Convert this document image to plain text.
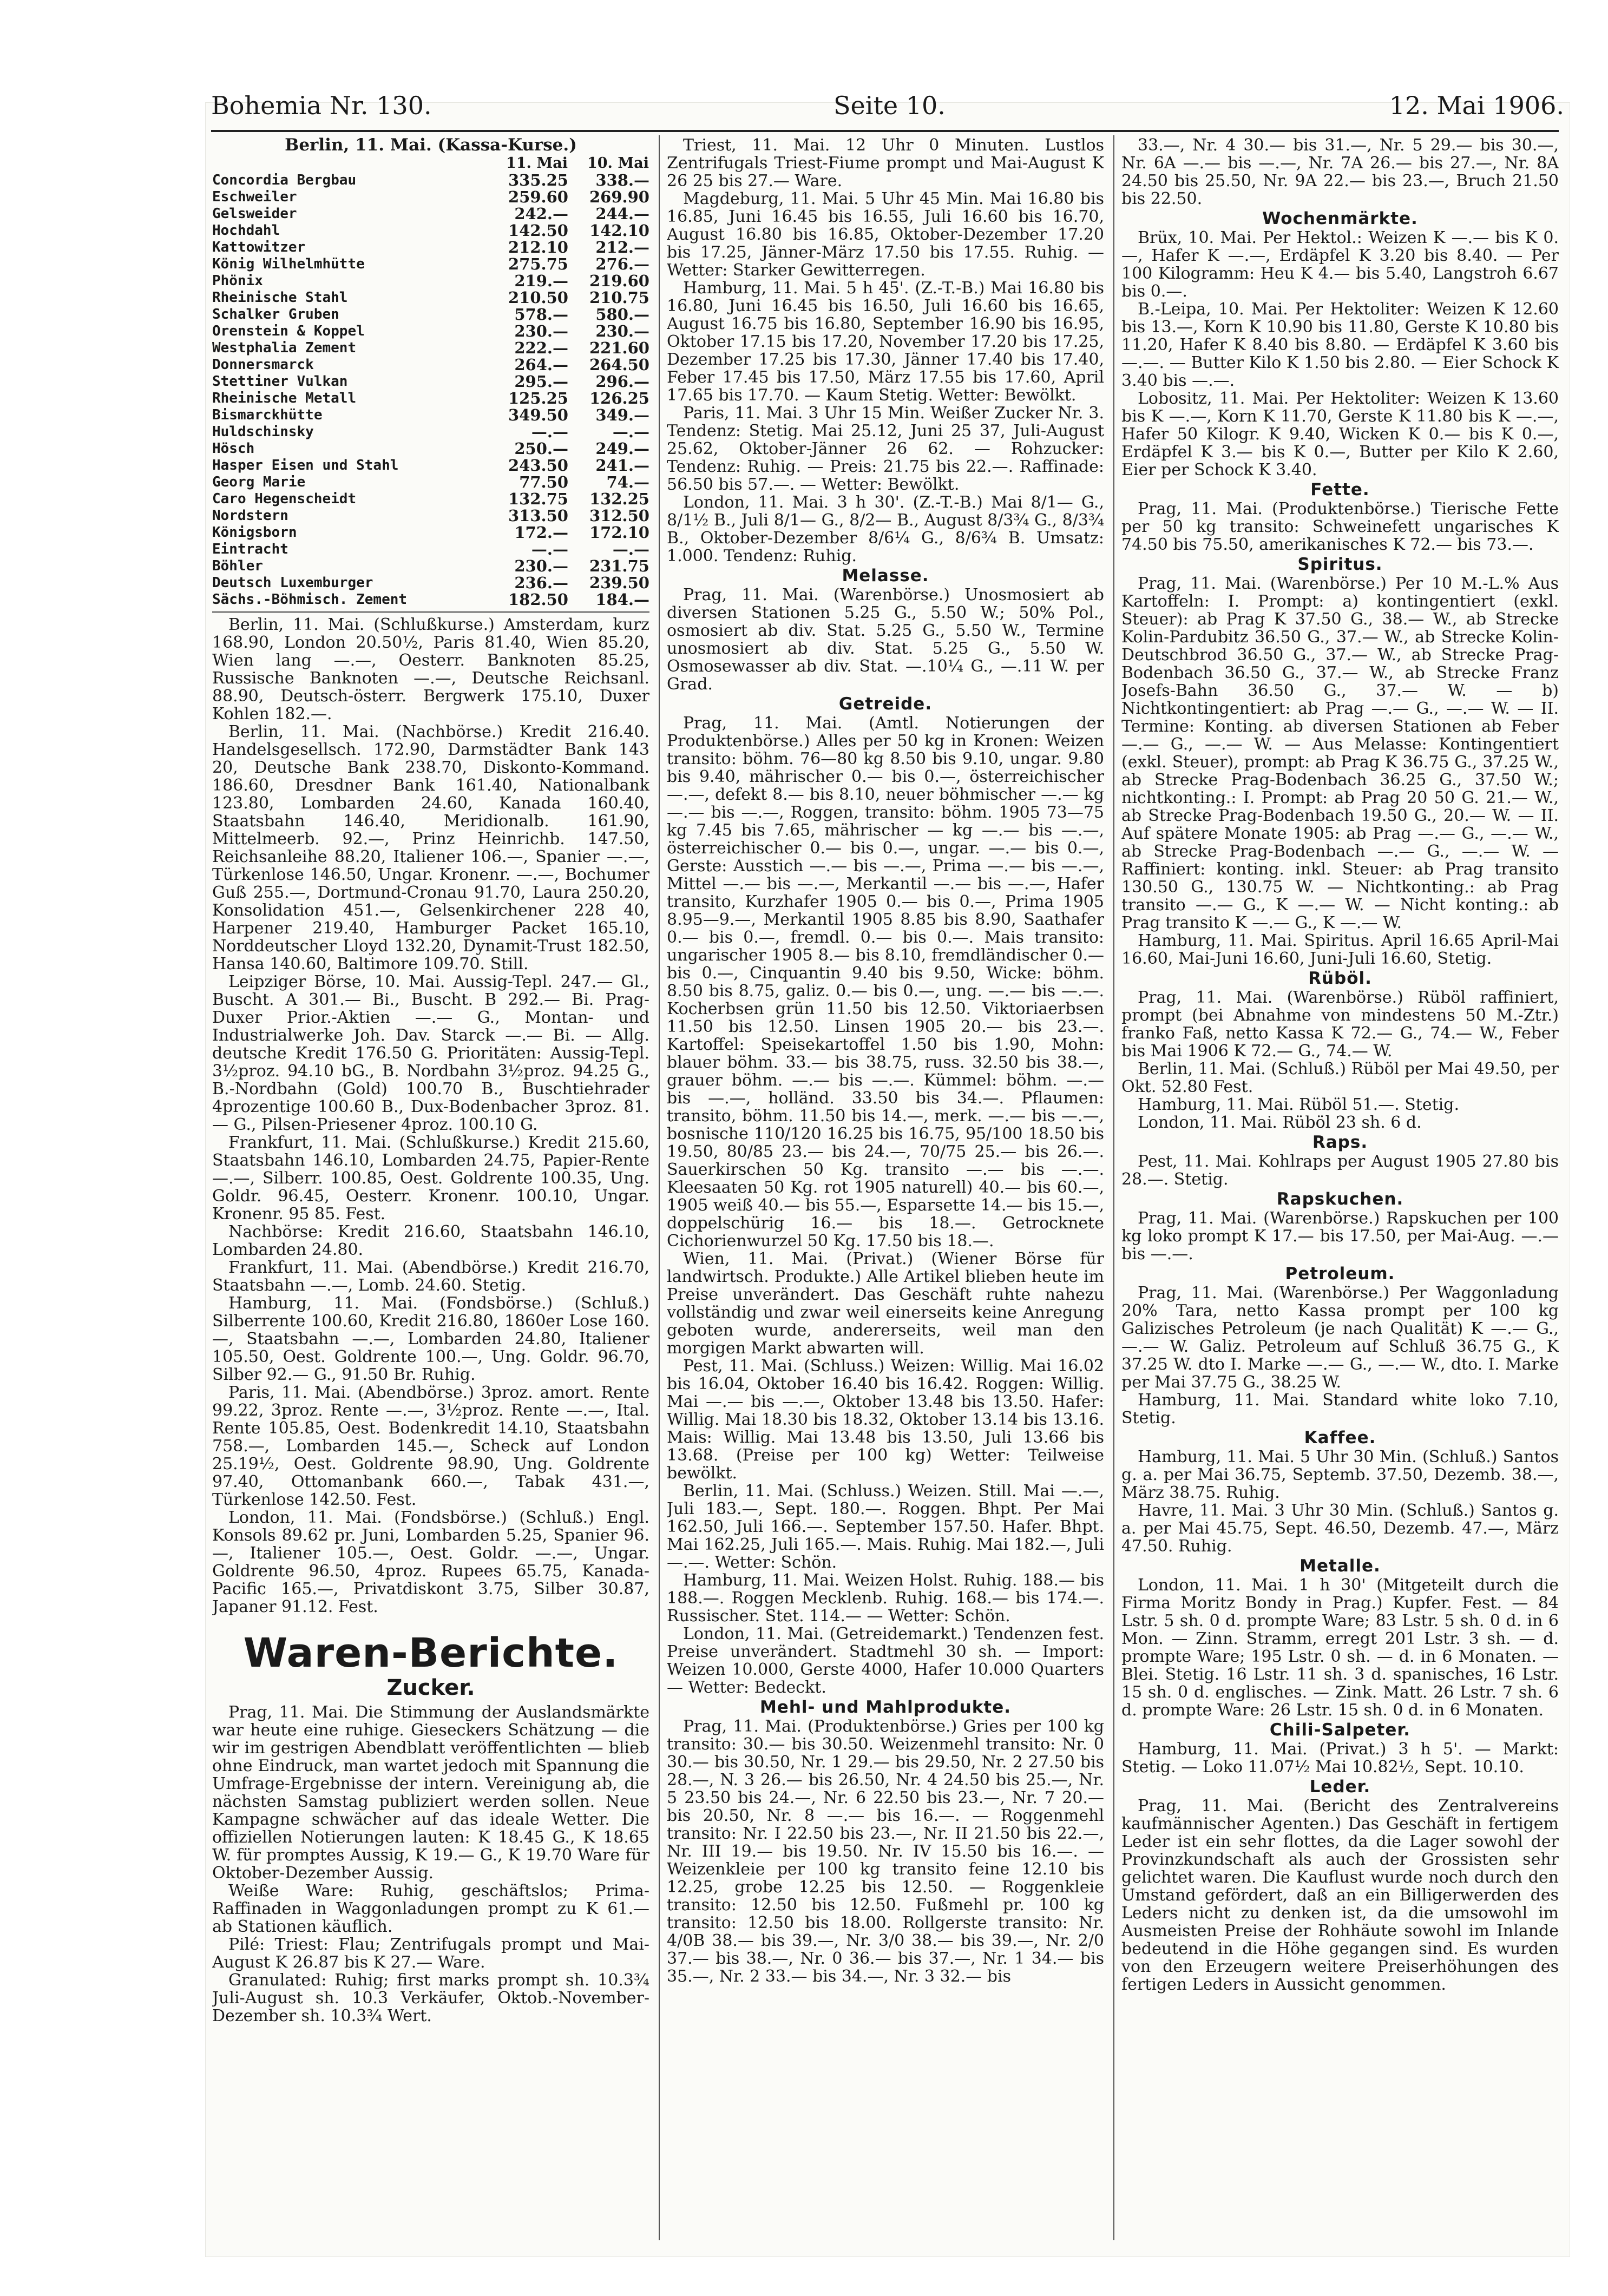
Bohemia Nr. 130.	Seite 10.	12. Mai 1906.
Berlin, 11. Mai. (Kassa-Kurse.)
	11. Mai	10. Mai
Concordia Bergbau	335.25	338.—
Eschweiler	259.60	269.90
Gelsweider	242.—	244.—
Hochdahl	142.50	142.10
Kattowitzer	212.10	212.—
König Wilhelmhütte	275.75	276.—
Phönix	219.—	219.60
Rheinische Stahl	210.50	210.75
Schalker Gruben	578.—	580.—
Orenstein & Koppel	230.—	230.—
Westphalia Zement	222.—	221.60
Donnersmarck	264.—	264.50
Stettiner Vulkan	295.—	296.—
Rheinische Metall	125.25	126.25
Bismarckhütte	349.50	349.—
Huldschinsky	—.—	—.—
Hösch	250.—	249.—
Hasper Eisen und Stahl	243.50	241.—
Georg Marie	77.50	74.—
Caro Hegenscheidt	132.75	132.25
Nordstern	313.50	312.50
Königsborn	172.—	172.10
Eintracht	—.—	—.—
Böhler	230.—	231.75
Deutsch Luxemburger	236.—	239.50
Sächs.-Böhmisch. Zement	182.50	184.—

Berlin, 11. Mai. (Schlußkurse.) Amsterdam, kurz 168.90, London 20.50½, Paris 81.40, Wien 85.20, Wien lang —.—, Oesterr. Banknoten 85.25, Russische Banknoten —.—, Deutsche Reichsanl. 88.90, Deutsch-österr. Bergwerk 175.10, Duxer Kohlen 182.—.

Berlin, 11. Mai. (Nachbörse.) Kredit 216.40. Handelsgesellsch. 172.90, Darmstädter Bank 143 20, Deutsche Bank 238.70, Diskonto-Kommand. 186.60, Dresdner Bank 161.40, Nationalbank 123.80, Lombarden 24.60, Kanada 160.40, Staatsbahn 146.40, Meridionalb. 161.90, Mittelmeerb. 92.—, Prinz Heinrichb. 147.50, Reichsanleihe 88.20, Italiener 106.—, Spanier —.—, Türkenlose 146.50, Ungar. Kronenr. —.—, Bochumer Guß 255.—, Dortmund-Cronau 91.70, Laura 250.20, Konsolidation 451.—, Gelsenkirchener 228 40, Harpener 219.40, Hamburger Packet 165.10, Norddeutscher Lloyd 132.20, Dynamit-Trust 182.50, Hansa 140.60, Baltimore 109.70. Still.

Leipziger Börse, 10. Mai. Aussig-Tepl. 247.— Gl., Buscht. A 301.— Bi., Buscht. B 292.— Bi. Prag-Duxer Prior.-Aktien —.— G., Montan- und Industrialwerke Joh. Dav. Starck —.— Bi. — Allg. deutsche Kredit 176.50 G. Prioritäten: Aussig-Tepl. 3½proz. 94.10 bG., B. Nordbahn 3½proz. 94.25 G., B.-Nordbahn (Gold) 100.70 B., Buschtiehrader 4prozentige 100.60 B., Dux-Bodenbacher 3proz. 81.— G., Pilsen-Priesener 4proz. 100.10 G.

Frankfurt, 11. Mai. (Schlußkurse.) Kredit 215.60, Staatsbahn 146.10, Lombarden 24.75, Papier-Rente —.—, Silberr. 100.85, Oest. Goldrente 100.35, Ung. Goldr. 96.45, Oesterr. Kronenr. 100.10, Ungar. Kronenr. 95 85. Fest.

Nachbörse: Kredit 216.60, Staatsbahn 146.10, Lombarden 24.80.

Frankfurt, 11. Mai. (Abendbörse.) Kredit 216.70, Staatsbahn —.—, Lomb. 24.60. Stetig.

Hamburg, 11. Mai. (Fondsbörse.) (Schluß.) Silberrente 100.60, Kredit 216.80, 1860er Lose 160.—, Staatsbahn —.—, Lombarden 24.80, Italiener 105.50, Oest. Goldrente 100.—, Ung. Goldr. 96.70, Silber 92.— G., 91.50 Br. Ruhig.

Paris, 11. Mai. (Abendbörse.) 3proz. amort. Rente 99.22, 3proz. Rente —.—, 3½proz. Rente —.—, Ital. Rente 105.85, Oest. Bodenkredit 14.10, Staatsbahn 758.—, Lombarden 145.—, Scheck auf London 25.19½, Oest. Goldrente 98.90, Ung. Goldrente 97.40, Ottomanbank 660.—, Tabak 431.—, Türkenlose 142.50. Fest.

London, 11. Mai. (Fondsbörse.) (Schluß.) Engl. Konsols 89.62 pr. Juni, Lombarden 5.25, Spanier 96.—, Italiener 105.—, Oest. Goldr. —.—, Ungar. Goldrente 96.50, 4proz. Rupees 65.75, Kanada-Pacific 165.—, Privatdiskont 3.75, Silber 30.87, Japaner 91.12. Fest.

Waren-Berichte.
Zucker.

Prag, 11. Mai. Die Stimmung der Auslandsmärkte war heute eine ruhige. Gieseckers Schätzung — die wir im gestrigen Abendblatt veröffentlichten — blieb ohne Eindruck, man wartet jedoch mit Spannung die Umfrage-Ergebnisse der intern. Vereinigung ab, die nächsten Samstag publiziert werden sollen. Neue Kampagne schwächer auf das ideale Wetter. Die offiziellen Notierungen lauten: K 18.45 G., K 18.65 W. für promptes Aussig, K 19.— G., K 19.70 Ware für Oktober-Dezember Aussig.

Weiße Ware: Ruhig, geschäftslos; Prima-Raffinaden in Waggonladungen prompt zu K 61.— ab Stationen käuflich.

Pilé: Triest: Flau; Zentrifugals prompt und Mai-August K 26.87 bis K 27.— Ware.

Granulated: Ruhig; first marks prompt sh. 10.3¾ Juli-August sh. 10.3 Verkäufer, Oktob.-November-Dezember sh. 10.3¾ Wert.

Triest, 11. Mai. 12 Uhr 0 Minuten. Lustlos Zentrifugals Triest-Fiume prompt und Mai-August K 26 25 bis 27.— Ware.

Magdeburg, 11. Mai. 5 Uhr 45 Min. Mai 16.80 bis 16.85, Juni 16.45 bis 16.55, Juli 16.60 bis 16.70, August 16.80 bis 16.85, Oktober-Dezember 17.20 bis 17.25, Jänner-März 17.50 bis 17.55. Ruhig. — Wetter: Starker Gewitterregen.

Hamburg, 11. Mai. 5 h 45'. (Z.-T.-B.) Mai 16.80 bis 16.80, Juni 16.45 bis 16.50, Juli 16.60 bis 16.65, August 16.75 bis 16.80, September 16.90 bis 16.95, Oktober 17.15 bis 17.20, November 17.20 bis 17.25, Dezember 17.25 bis 17.30, Jänner 17.40 bis 17.40, Feber 17.45 bis 17.50, März 17.55 bis 17.60, April 17.65 bis 17.70. — Kaum Stetig. Wetter: Bewölkt.

Paris, 11. Mai. 3 Uhr 15 Min. Weißer Zucker Nr. 3. Tendenz: Stetig. Mai 25.12, Juni 25 37, Juli-August 25.62, Oktober-Jänner 26 62. — Rohzucker: Tendenz: Ruhig. — Preis: 21.75 bis 22.—. Raffinade: 56.50 bis 57.—. — Wetter: Bewölkt.

London, 11. Mai. 3 h 30'. (Z.-T.-B.) Mai 8/1— G., 8/1½ B., Juli 8/1— G., 8/2— B., August 8/3¾ G., 8/3¾ B., Oktober-Dezember 8/6¼ G., 8/6¾ B. Umsatz: 1.000. Tendenz: Ruhig.

Melasse.

Prag, 11. Mai. (Warenbörse.) Unosmosiert ab diversen Stationen 5.25 G., 5.50 W.; 50% Pol., osmosiert ab div. Stat. 5.25 G., 5.50 W., Termine unosmosiert ab div. Stat. 5.25 G., 5.50 W. Osmosewasser ab div. Stat. —.10¼ G., —.11 W. per Grad.

Getreide.

Prag, 11. Mai. (Amtl. Notierungen der Produktenbörse.) Alles per 50 kg in Kronen: Weizen transito: böhm. 76—80 kg 8.50 bis 9.10, ungar. 9.80 bis 9.40, mährischer 0.— bis 0.—, österreichischer —.—, defekt 8.— bis 8.10, neuer böhmischer —.— kg —.— bis —.—, Roggen, transito: böhm. 1905 73—75 kg 7.45 bis 7.65, mährischer — kg —.— bis —.—, österreichischer 0.— bis 0.—, ungar. —.— bis 0.—, Gerste: Ausstich —.— bis —.—, Prima —.— bis —.—, Mittel —.— bis —.—, Merkantil —.— bis —.—, Hafer transito, Kurzhafer 1905 0.— bis 0.—, Prima 1905 8.95—9.—, Merkantil 1905 8.85 bis 8.90, Saathafer 0.— bis 0.—, fremdl. 0.— bis 0.—. Mais transito: ungarischer 1905 8.— bis 8.10, fremdländischer 0.— bis 0.—, Cinquantin 9.40 bis 9.50, Wicke: böhm. 8.50 bis 8.75, galiz. 0.— bis 0.—, ung. —.— bis —.—. Kocherbsen grün 11.50 bis 12.50. Viktoriaerbsen 11.50 bis 12.50. Linsen 1905 20.— bis 23.—. Kartoffel: Speisekartoffel 1.50 bis 1.90, Mohn: blauer böhm. 33.— bis 38.75, russ. 32.50 bis 38.—, grauer böhm. —.— bis —.—. Kümmel: böhm. —.— bis —.—, holländ. 33.50 bis 34.—. Pflaumen: transito, böhm. 11.50 bis 14.—, merk. —.— bis —.—, bosnische 110/120 16.25 bis 16.75, 95/100 18.50 bis 19.50, 80/85 23.— bis 24.—, 70/75 25.— bis 26.—. Sauerkirschen 50 Kg. transito —.— bis —.—. Kleesaaten 50 Kg. rot 1905 naturell) 40.— bis 60.—, 1905 weiß 40.— bis 55.—, Esparsette 14.— bis 15.—, doppelschürig 16.— bis 18.—. Getrocknete Cichorienwurzel 50 Kg. 17.50 bis 18.—.

Wien, 11. Mai. (Privat.) (Wiener Börse für landwirtsch. Produkte.) Alle Artikel blieben heute im Preise unverändert. Das Geschäft ruhte nahezu vollständig und zwar weil einerseits keine Anregung geboten wurde, andererseits, weil man den morgigen Markt abwarten will.

Pest, 11. Mai. (Schluss.) Weizen: Willig. Mai 16.02 bis 16.04, Oktober 16.40 bis 16.42. Roggen: Willig. Mai —.— bis —.—, Oktober 13.48 bis 13.50. Hafer: Willig. Mai 18.30 bis 18.32, Oktober 13.14 bis 13.16. Mais: Willig. Mai 13.48 bis 13.50, Juli 13.66 bis 13.68. (Preise per 100 kg) Wetter: Teilweise bewölkt.

Berlin, 11. Mai. (Schluss.) Weizen. Still. Mai —.—, Juli 183.—, Sept. 180.—. Roggen. Bhpt. Per Mai 162.50, Juli 166.—. September 157.50. Hafer. Bhpt. Mai 162.25, Juli 165.—. Mais. Ruhig. Mai 182.—, Juli —.—. Wetter: Schön.

Hamburg, 11. Mai. Weizen Holst. Ruhig. 188.— bis 188.—. Roggen Mecklenb. Ruhig. 168.— bis 174.—. Russischer. Stet. 114.— — Wetter: Schön.

London, 11. Mai. (Getreidemarkt.) Tendenzen fest. Preise unverändert. Stadtmehl 30 sh. — Import: Weizen 10.000, Gerste 4000, Hafer 10.000 Quarters — Wetter: Bedeckt.

Mehl- und Mahlprodukte.

Prag, 11. Mai. (Produktenbörse.) Gries per 100 kg transito: 30.— bis 30.50. Weizenmehl transito: Nr. 0 30.— bis 30.50, Nr. 1 29.— bis 29.50, Nr. 2 27.50 bis 28.—, N. 3 26.— bis 26.50, Nr. 4 24.50 bis 25.—, Nr. 5 23.50 bis 24.—, Nr. 6 22.50 bis 23.—, Nr. 7 20.— bis 20.50, Nr. 8 —.— bis 16.—. — Roggenmehl transito: Nr. I 22.50 bis 23.—, Nr. II 21.50 bis 22.—, Nr. III 19.— bis 19.50. Nr. IV 15.50 bis 16.—. — Weizenkleie per 100 kg transito feine 12.10 bis 12.25, grobe 12.25 bis 12.50. — Roggenkleie transito: 12.50 bis 12.50. Fußmehl pr. 100 kg transito: 12.50 bis 18.00. Rollgerste transito: Nr. 4/0B 38.— bis 39.—, Nr. 3/0 38.— bis 39.—, Nr. 2/0 37.— bis 38.—, Nr. 0 36.— bis 37.—, Nr. 1 34.— bis 35.—, Nr. 2 33.— bis 34.—, Nr. 3 32.— bis

33.—, Nr. 4 30.— bis 31.—, Nr. 5 29.— bis 30.—, Nr. 6A —.— bis —.—, Nr. 7A 26.— bis 27.—, Nr. 8A 24.50 bis 25.50, Nr. 9A 22.— bis 23.—, Bruch 21.50 bis 22.50.

Wochenmärkte.

Brüx, 10. Mai. Per Hektol.: Weizen K —.— bis K 0.—, Hafer K —.—, Erdäpfel K 3.20 bis 8.40. — Per 100 Kilogramm: Heu K 4.— bis 5.40, Langstroh 6.67 bis 0.—.

B.-Leipa, 10. Mai. Per Hektoliter: Weizen K 12.60 bis 13.—, Korn K 10.90 bis 11.80, Gerste K 10.80 bis 11.20, Hafer K 8.40 bis 8.80. — Erdäpfel K 3.60 bis —.—. — Butter Kilo K 1.50 bis 2.80. — Eier Schock K 3.40 bis —.—.

Lobositz, 11. Mai. Per Hektoliter: Weizen K 13.60 bis K —.—, Korn K 11.70, Gerste K 11.80 bis K —.—, Hafer 50 Kilogr. K 9.40, Wicken K 0.— bis K 0.—, Erdäpfel K 3.— bis K 0.—, Butter per Kilo K 2.60, Eier per Schock K 3.40.

Fette.

Prag, 11. Mai. (Produktenbörse.) Tierische Fette per 50 kg transito: Schweinefett ungarisches K 74.50 bis 75.50, amerikanisches K 72.— bis 73.—.

Spiritus.

Prag, 11. Mai. (Warenbörse.) Per 10 M.-L.% Aus Kartoffeln: I. Prompt: a) kontingentiert (exkl. Steuer): ab Prag K 37.50 G., 38.— W., ab Strecke Kolin-Pardubitz 36.50 G., 37.— W., ab Strecke Kolin-Deutschbrod 36.50 G., 37.— W., ab Strecke Prag-Bodenbach 36.50 G., 37.— W., ab Strecke Franz Josefs-Bahn 36.50 G., 37.— W. — b) Nichtkontingentiert: ab Prag —.— G., —.— W. — II. Termine: Konting. ab diversen Stationen ab Feber —.— G., —.— W. — Aus Melasse: Kontingentiert (exkl. Steuer), prompt: ab Prag K 36.75 G., 37.25 W., ab Strecke Prag-Bodenbach 36.25 G., 37.50 W.; nichtkonting.: I. Prompt: ab Prag 20 50 G. 21.— W., ab Strecke Prag-Bodenbach 19.50 G., 20.— W. — II. Auf spätere Monate 1905: ab Prag —.— G., —.— W., ab Strecke Prag-Bodenbach —.— G., —.— W. — Raffiniert: konting. inkl. Steuer: ab Prag transito 130.50 G., 130.75 W. — Nichtkonting.: ab Prag transito —.— G., K —.— W. — Nicht konting.: ab Prag transito K —.— G., K —.— W.

Hamburg, 11. Mai. Spiritus. April 16.65 April-Mai 16.60, Mai-Juni 16.60, Juni-Juli 16.60, Stetig.

Rüböl.

Prag, 11. Mai. (Warenbörse.) Rüböl raffiniert, prompt (bei Abnahme von mindestens 50 M.-Ztr.) franko Faß, netto Kassa K 72.— G., 74.— W., Feber bis Mai 1906 K 72.— G., 74.— W.

Berlin, 11. Mai. (Schluß.) Rüböl per Mai 49.50, per Okt. 52.80 Fest.

Hamburg, 11. Mai. Rüböl 51.—. Stetig.

London, 11. Mai. Rüböl 23 sh. 6 d.

Raps.

Pest, 11. Mai. Kohlraps per August 1905 27.80 bis 28.—. Stetig.

Rapskuchen.

Prag, 11. Mai. (Warenbörse.) Rapskuchen per 100 kg loko prompt K 17.— bis 17.50, per Mai-Aug. —.— bis —.—.

Petroleum.

Prag, 11. Mai. (Warenbörse.) Per Waggonladung 20% Tara, netto Kassa prompt per 100 kg Galizisches Petroleum (je nach Qualität) K —.— G., —.— W. Galiz. Petroleum auf Schluß 36.75 G., K 37.25 W. dto I. Marke —.— G., —.— W., dto. I. Marke per Mai 37.75 G., 38.25 W.

Hamburg, 11. Mai. Standard white loko 7.10, Stetig.

Kaffee.

Hamburg, 11. Mai. 5 Uhr 30 Min. (Schluß.) Santos g. a. per Mai 36.75, Septemb. 37.50, Dezemb. 38.—, März 38.75. Ruhig.

Havre, 11. Mai. 3 Uhr 30 Min. (Schluß.) Santos g. a. per Mai 45.75, Sept. 46.50, Dezemb. 47.—, März 47.50. Ruhig.

Metalle.

London, 11. Mai. 1 h 30' (Mitgeteilt durch die Firma Moritz Bondy in Prag.) Kupfer. Fest. — 84 Lstr. 5 sh. 0 d. prompte Ware; 83 Lstr. 5 sh. 0 d. in 6 Mon. — Zinn. Stramm, erregt 201 Lstr. 3 sh. — d. prompte Ware; 195 Lstr. 0 sh. — d. in 6 Monaten. — Blei. Stetig. 16 Lstr. 11 sh. 3 d. spanisches, 16 Lstr. 15 sh. 0 d. englisches. — Zink. Matt. 26 Lstr. 7 sh. 6 d. prompte Ware: 26 Lstr. 15 sh. 0 d. in 6 Monaten.

Chili-Salpeter.

Hamburg, 11. Mai. (Privat.) 3 h 5'. — Markt: Stetig. — Loko 11.07½ Mai 10.82½, Sept. 10.10.

Leder.

Prag, 11. Mai. (Bericht des Zentralvereins kaufmännischer Agenten.) Das Geschäft in fertigem Leder ist ein sehr flottes, da die Lager sowohl der Provinzkundschaft als auch der Grossisten sehr gelichtet waren. Die Kauflust wurde noch durch den Umstand gefördert, daß an ein Billigerwerden des Leders nicht zu denken ist, da die umsowohl im Ausmeisten Preise der Rohhäute sowohl im Inlande bedeutend in die Höhe gegangen sind. Es wurden von den Erzeugern weitere Preiserhöhungen des fertigen Leders in Aussicht genommen.
